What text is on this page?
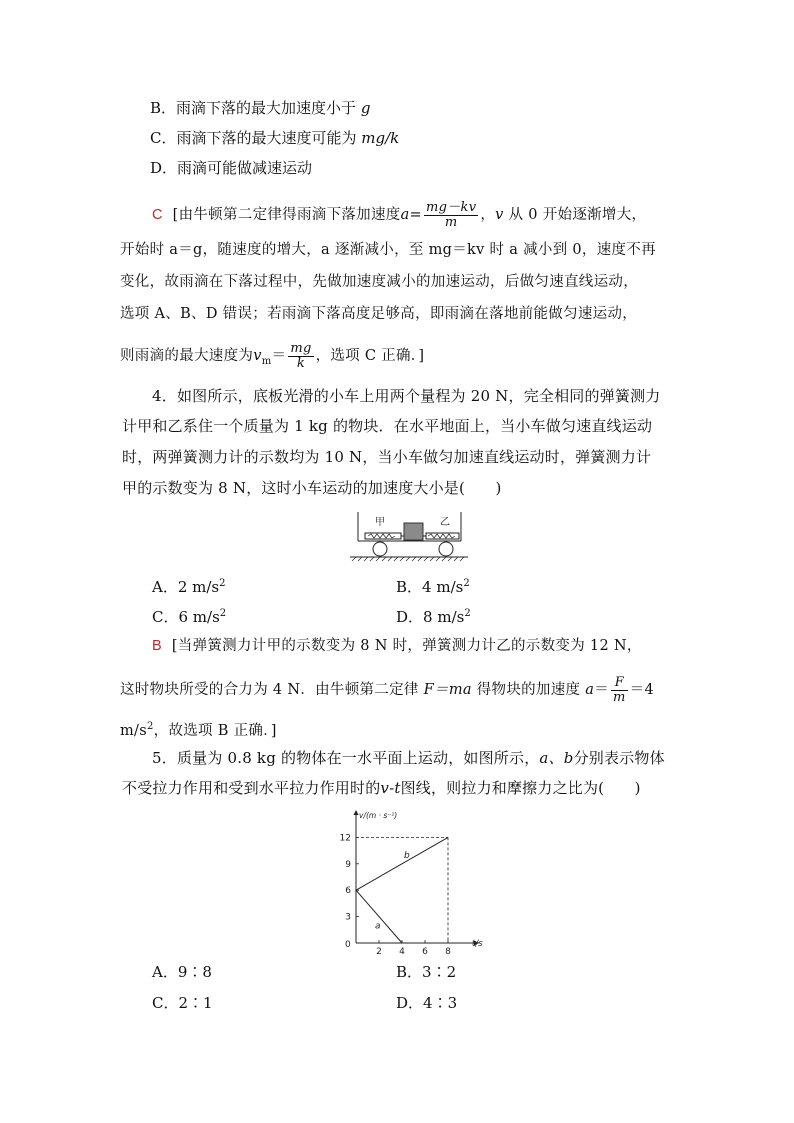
B．雨滴下落的最大加速度小于 g
C．雨滴下落的最大速度可能为 mg/k
D．雨滴可能做减速运动
C [由牛顿第二定律得雨滴下落加速度$a= \frac{mg-kv}{m}$ ，v 从 0 开始逐渐增大，
开始时 a＝g，随速度的增大，a 逐渐减小，至 mg＝kv 时 a 减小到 0，速度不再
变化，故雨滴在下落过程中，先做加速度减小的加速运动，后做匀速直线运动，
选项 A、B、D 错误；若雨滴下落高度足够高，即雨滴在落地前能做匀速运动，
则雨滴的最大速度为$v_m= \frac{mg}{k}$ ，选项 C 正确．]
4．如图所示，底板光滑的小车上用两个量程为 20 N，完全相同的弹簧测力
计甲和乙系住一个质量为 1 kg 的物块．在水平地面上，当小车做匀速直线运动
时，两弹簧测力计的示数均为 10 N，当小车做匀加速直线运动时，弹簧测力计
甲的示数变为 8 N，这时小车运动的加速度大小是(　　)
甲	乙
A．2 $m/s^2$	B．4 $m/s^2$
C．6 $m/s^2$	D．8 $m/s^2$
B [当弹簧测力计甲的示数变为 8 N 时，弹簧测力计乙的示数变为 12 N，
这时物块所受的合力为 4 N．由牛顿第二定律 F＝ma 得物块的加速度 $a= \frac{F}{m} =4$
$m/s^2$，故选项 B 正确．]
5．质量为 0.8 kg 的物体在一水平面上运动，如图所示，a、b分别表示物体
不受拉力作用和受到水平拉力作用时的v-t图线，则拉力和摩擦力之比为(　　)
v/(m · s⁻¹)
t/s
0
2 4 6 8
3
6
9
12
a
b
A．9∶8	B．3∶2
C．2∶1	D．4∶3
